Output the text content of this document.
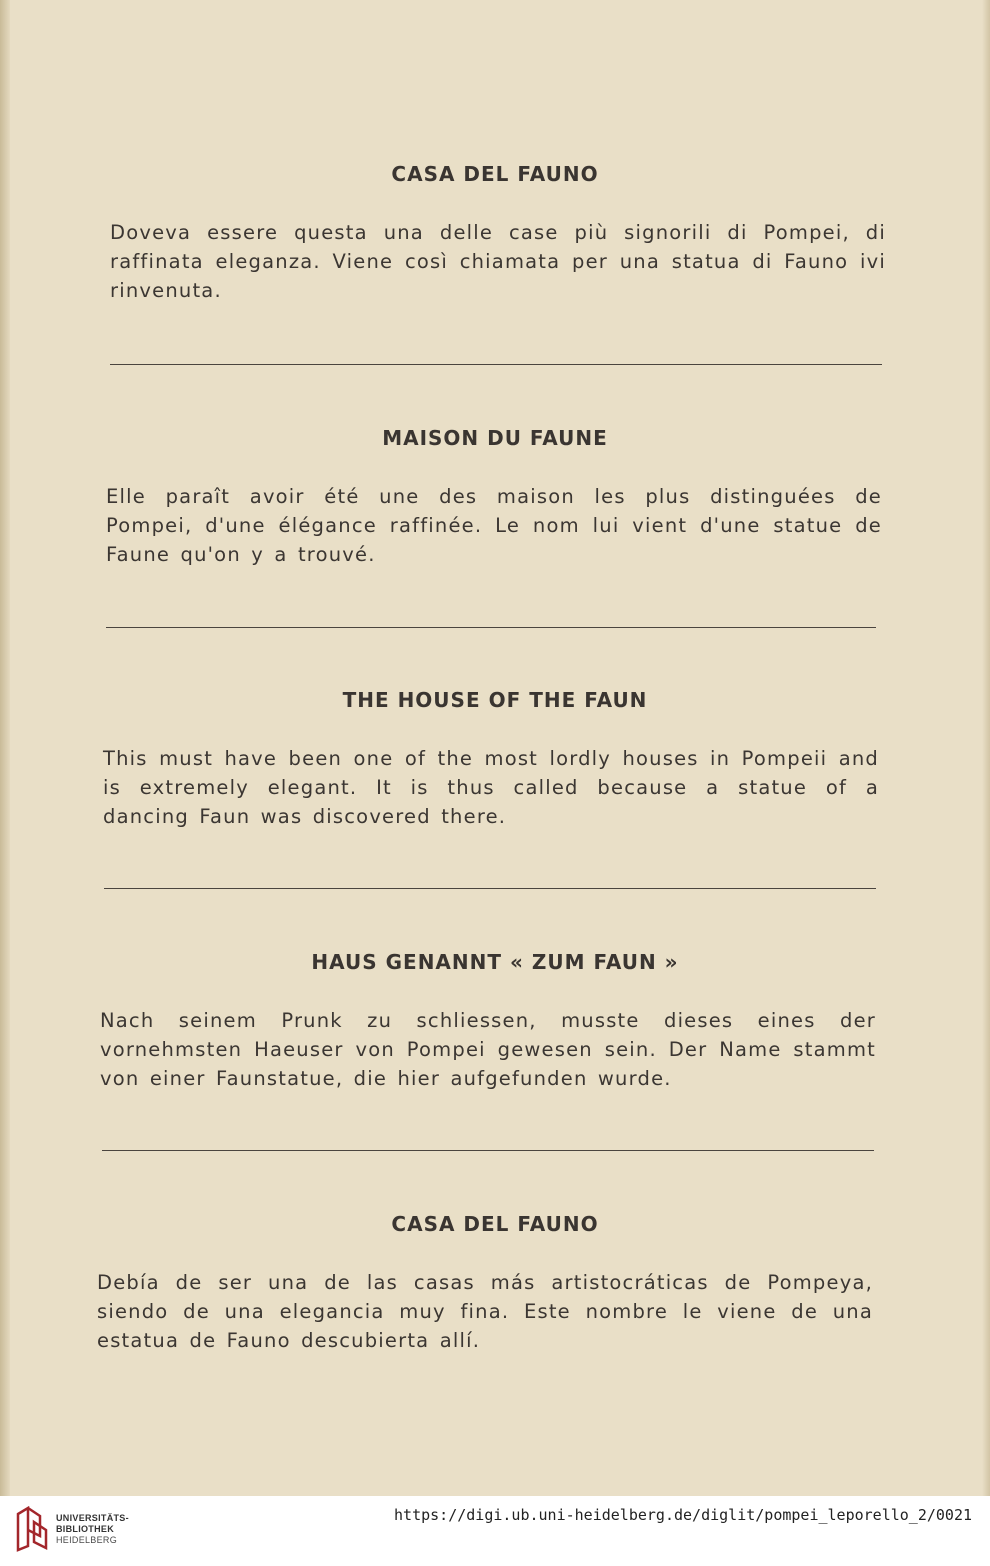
CASA DEL FAUNO
Doveva essere questa una delle case più signorili di Pompei, di raffinata eleganza. Viene così chiamata per una statua di Fauno ivi rinvenuta.
MAISON DU FAUNE
Elle paraît avoir été une des maison les plus distinguées de Pompei, d'une élégance raffinée. Le nom lui vient d'une statue de Faune qu'on y a trouvé.
THE HOUSE OF THE FAUN
This must have been one of the most lordly houses in Pompeii and is extremely elegant. It is thus called because a statue of a dancing Faun was discovered there.
HAUS GENANNT « ZUM FAUN »
Nach seinem Prunk zu schliessen, musste dieses eines der vornehmsten Haeuser von Pompei gewesen sein. Der Name stammt von einer Faunstatue, die hier aufgefunden wurde.
CASA DEL FAUNO
Debía de ser una de las casas más artistocráticas de Pompeya, siendo de una elegancia muy fina. Este nombre le viene de una estatua de Fauno descubierta allí.
UNIVERSITÄTS-
BIBLIOTHEK
HEIDELBERG
https://digi.ub.uni-heidelberg.de/diglit/pompei_leporello_2/0021
